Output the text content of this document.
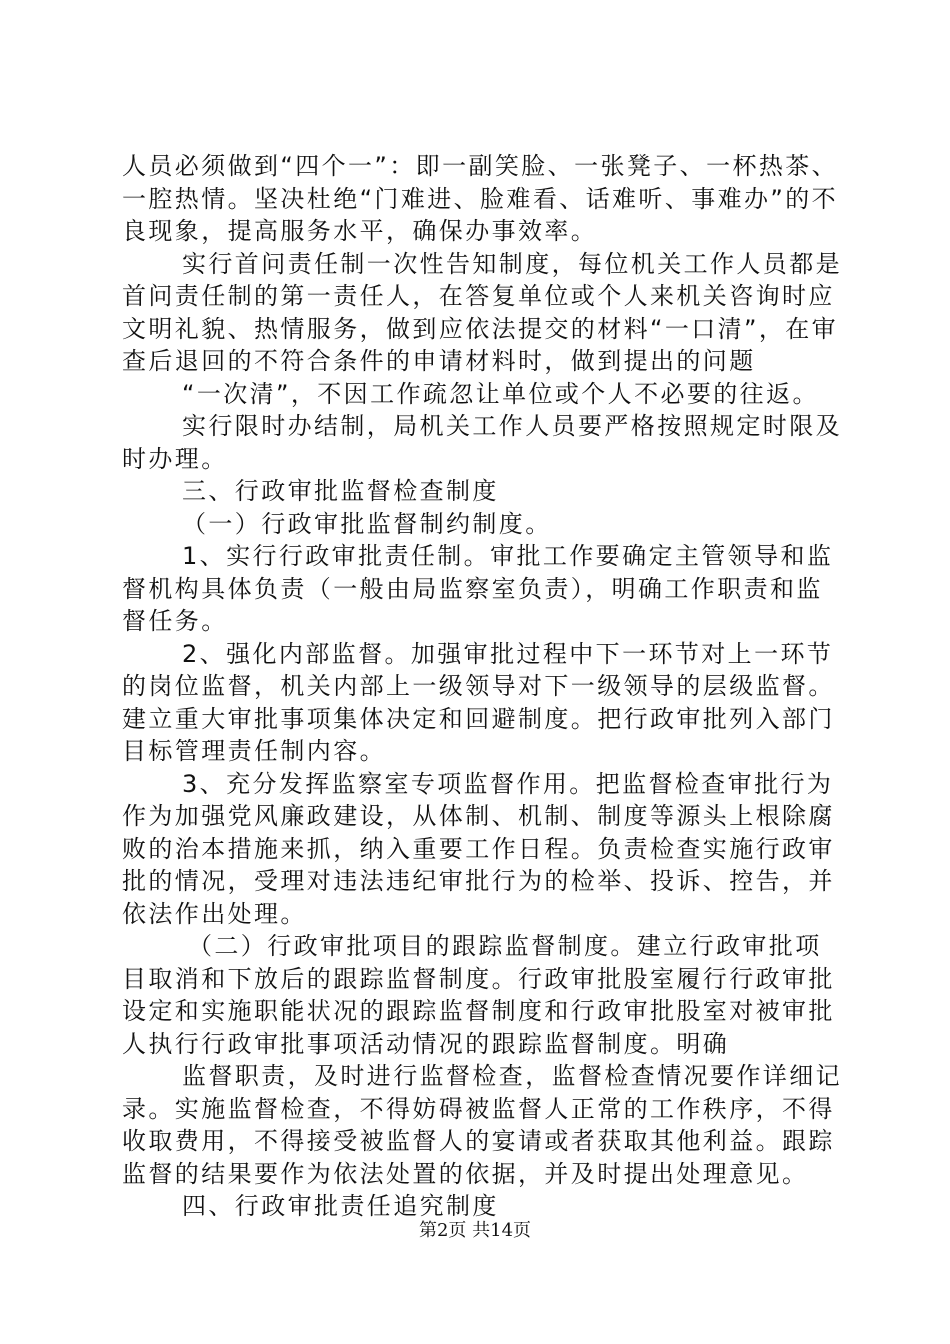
人员必须做到“四个一”：即一副笑脸、一张凳子、一杯热茶、一腔热情。坚决杜绝“门难进、脸难看、话难听、事难办”的不良现象，提高服务水平，确保办事效率。

实行首问责任制一次性告知制度，每位机关工作人员都是首问责任制的第一责任人，在答复单位或个人来机关咨询时应文明礼貌、热情服务，做到应依法提交的材料“一口清”，在审查后退回的不符合条件的申请材料时，做到提出的问题

“一次清”，不因工作疏忽让单位或个人不必要的往返。

实行限时办结制，局机关工作人员要严格按照规定时限及时办理。

三、行政审批监督检查制度

（一）行政审批监督制约制度。

1、实行行政审批责任制。审批工作要确定主管领导和监督机构具体负责（一般由局监察室负责），明确工作职责和监督任务。

2、强化内部监督。加强审批过程中下一环节对上一环节的岗位监督，机关内部上一级领导对下一级领导的层级监督。建立重大审批事项集体决定和回避制度。把行政审批列入部门目标管理责任制内容。

3、充分发挥监察室专项监督作用。把监督检查审批行为作为加强党风廉政建设，从体制、机制、制度等源头上根除腐败的治本措施来抓，纳入重要工作日程。负责检查实施行政审批的情况，受理对违法违纪审批行为的检举、投诉、控告，并依法作出处理。

（二）行政审批项目的跟踪监督制度。建立行政审批项目取消和下放后的跟踪监督制度。行政审批股室履行行政审批设定和实施职能状况的跟踪监督制度和行政审批股室对被审批人执行行政审批事项活动情况的跟踪监督制度。明确

监督职责，及时进行监督检查，监督检查情况要作详细记录。实施监督检查，不得妨碍被监督人正常的工作秩序，不得收取费用，不得接受被监督人的宴请或者获取其他利益。跟踪监督的结果要作为依法处置的依据，并及时提出处理意见。

四、行政审批责任追究制度

第2页 共14页
